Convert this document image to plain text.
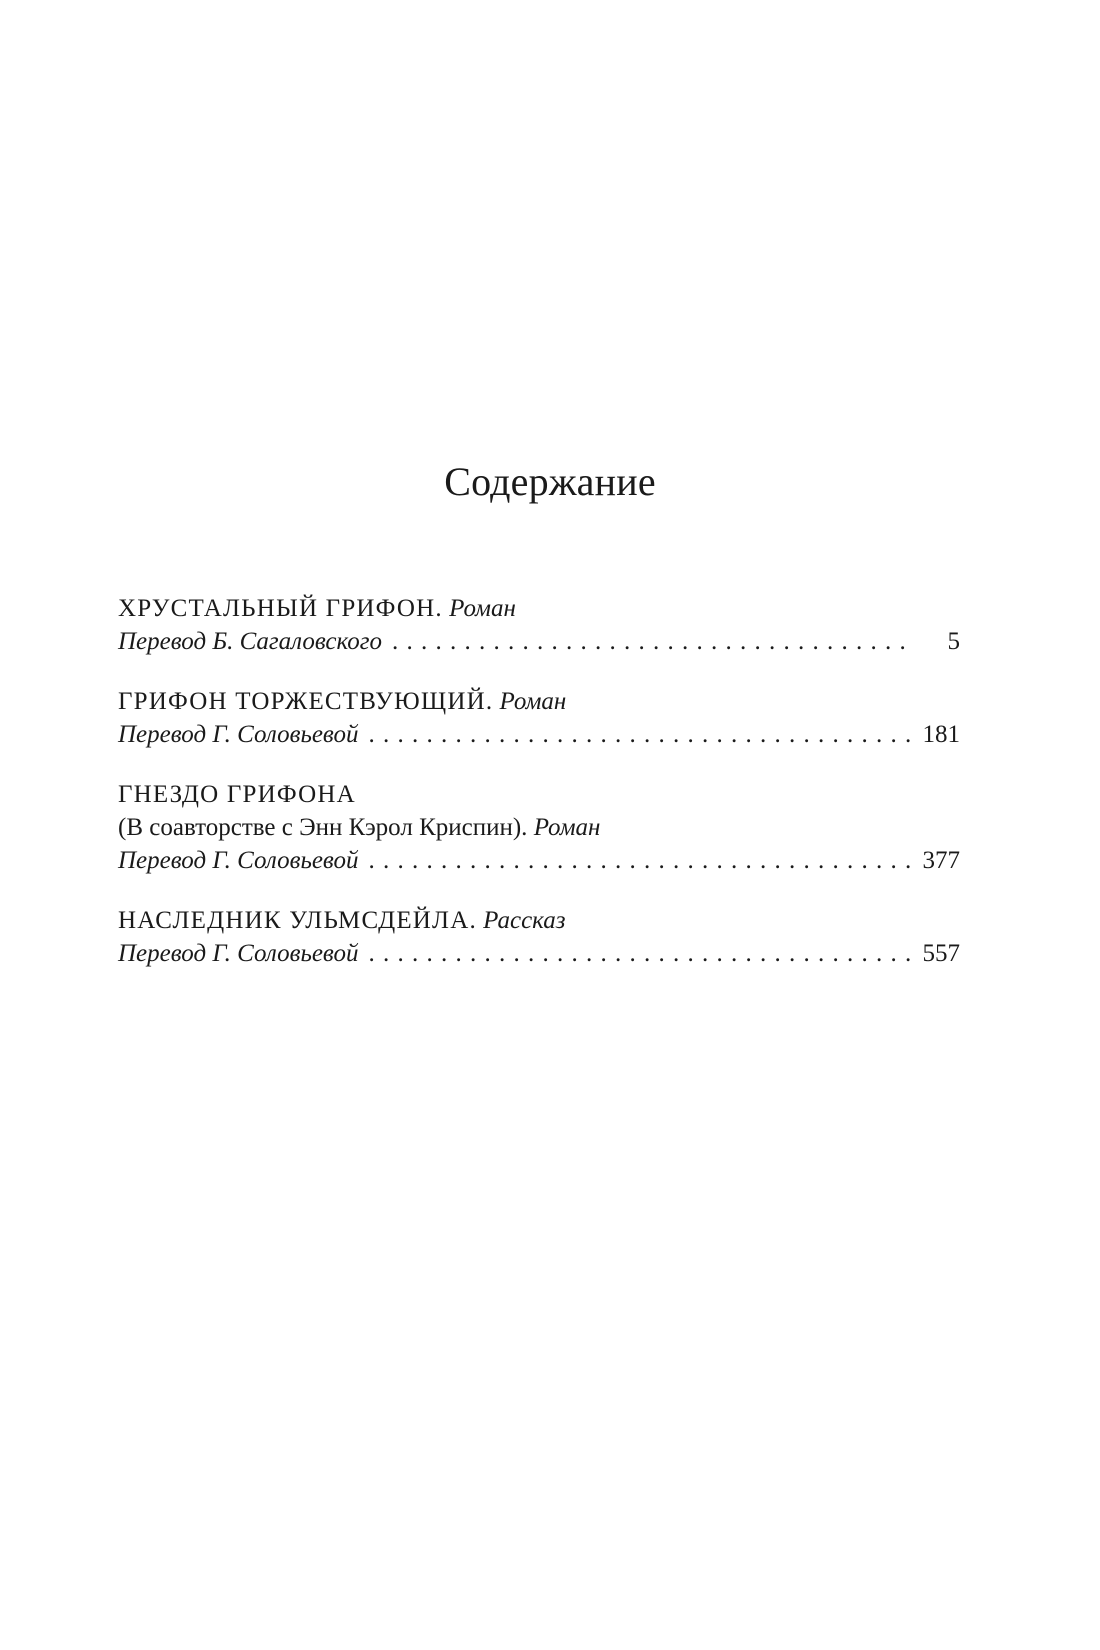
Содержание
ХРУСТАЛЬНЫЙ ГРИФОН. Роман
Перевод Б. Сагаловского . . .	5
ГРИФОН ТОРЖЕСТВУЮЩИЙ. Роман
Перевод Г. Соловьевой . . .	181
ГНЕЗДО ГРИФОНА
(В соавторстве с Энн Кэрол Криспин). Роман
Перевод Г. Соловьевой . . .	377
НАСЛЕДНИК УЛЬМСДЕЙЛА. Рассказ
Перевод Г. Соловьевой . . .	557
